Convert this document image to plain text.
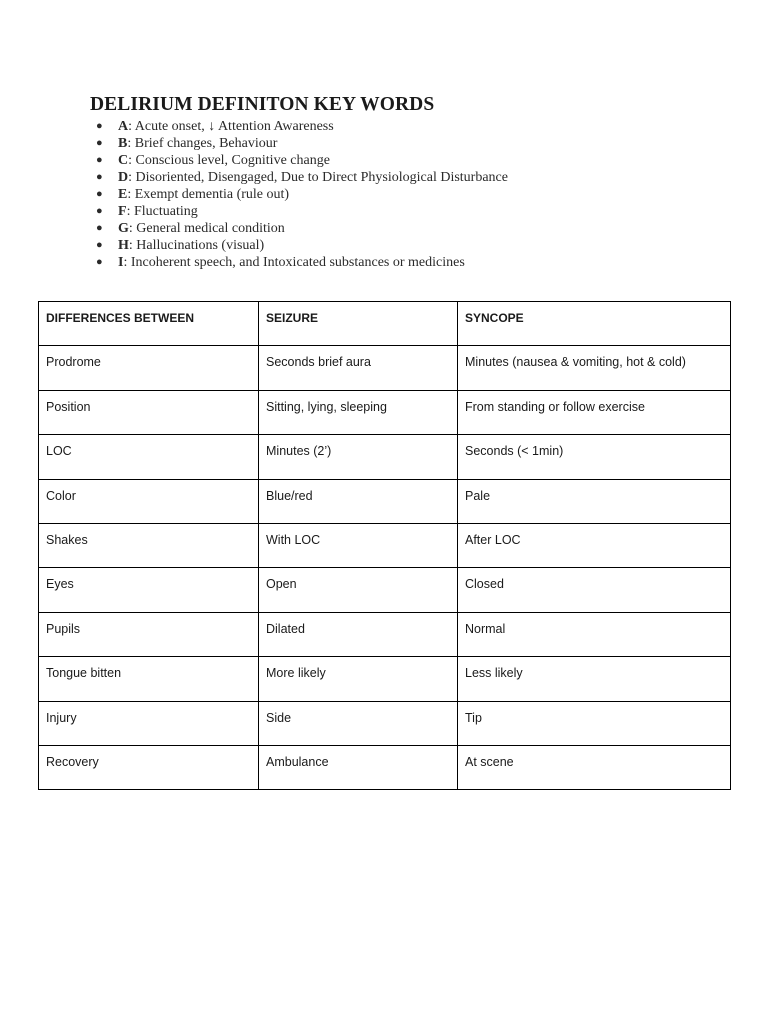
DELIRIUM DEFINITON KEY WORDS
● A: Acute onset, ↓ Attention Awareness
● B: Brief changes, Behaviour
● C: Conscious level, Cognitive change
● D: Disoriented, Disengaged, Due to Direct Physiological Disturbance
● E: Exempt dementia (rule out)
● F: Fluctuating
● G: General medical condition
● H: Hallucinations (visual)
● I: Incoherent speech, and Intoxicated substances or medicines
DIFFERENCES BETWEEN	SEIZURE	SYNCOPE

Prodrome	Seconds brief aura	Minutes (nausea & vomiting, hot & cold)

Position	Sitting, lying, sleeping	From standing or follow exercise

LOC	Minutes (2’)	Seconds (< 1min)

Color	Blue/red	Pale

Shakes	With LOC	After LOC

Eyes	Open	Closed

Pupils	Dilated	Normal

Tongue bitten	More likely	Less likely

Injury	Side	Tip

Recovery	Ambulance	At scene
